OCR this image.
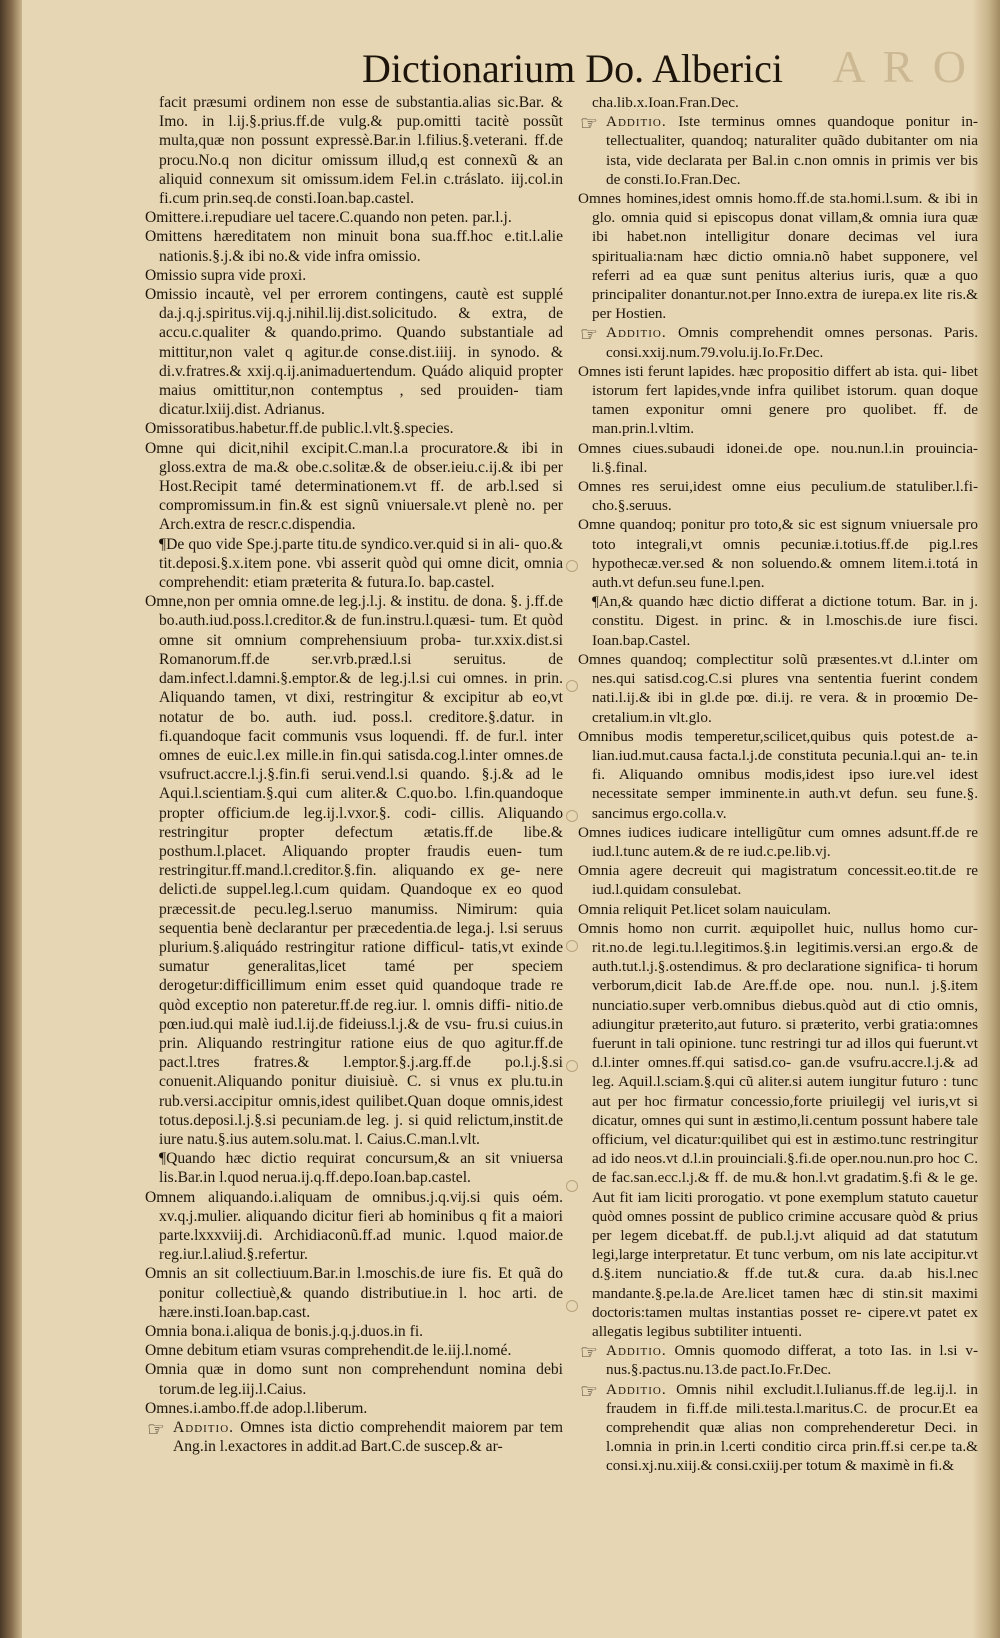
A R O
Dictionarium Do. Alberici

facit præsumi ordinem non esse de substantia.alias sic.Bar. & Imo. in l.ij.§.prius.ff.de vulg.& pup.omitti tacitè possũt multa,quæ non possunt expressè.Bar.in l.filius.§.veterani. ff.de procu.No.q non dicitur omissum illud,q est connexũ & an aliquid connexum sit omissum.idem Fel.in c.tráslato. iij.col.in fi.cum prin.seq.de consti.Ioan.bap.castel.

Omittere.i.repudiare uel tacere.C.quando non peten. par.l.j.

Omittens hæreditatem non minuit bona sua.ff.hoc e.tit.l.alie nationis.§.j.& ibi no.& vide infra omissio.

Omissio supra vide proxi.

Omissio incautè, vel per errorem contingens, cautè est supplé da.j.q.j.spiritus.vij.q.j.nihil.lij.dist.solicitudo. & extra, de accu.c.qualiter & quando.primo. Quando substantiale ad mittitur,non valet q agitur.de conse.dist.iiij. in synodo. & di.v.fratres.& xxij.q.ij.animaduertendum. Quádo aliquid propter maius omittitur,non contemptus , sed prouiden- tiam dicatur.lxiij.dist. Adrianus.

Omissoratibus.habetur.ff.de public.l.vlt.§.species.

Omne qui dicit,nihil excipit.C.man.l.a procuratore.& ibi in gloss.extra de ma.& obe.c.solitæ.& de obser.ieiu.c.ij.& ibi per Host.Recipit tamé determinationem.vt ff. de arb.l.sed si compromissum.in fin.& est signũ vniuersale.vt plenè no. per Arch.extra de rescr.c.dispendia.

¶De quo vide Spe.j.parte titu.de syndico.ver.quid si in ali- quo.& tit.deposi.§.x.item pone. vbi asserit quòd qui omne dicit, omnia comprehendit: etiam præterita & futura.Io. bap.castel.

Omne,non per omnia omne.de leg.j.l.j. & institu. de dona. §. j.ff.de bo.auth.iud.poss.l.creditor.& de fun.instru.l.quæsi- tum. Et quòd omne sit omnium comprehensiuum proba- tur.xxix.dist.si Romanorum.ff.de ser.vrb.præd.l.si seruitus. de dam.infect.l.damni.§.emptor.& de leg.j.l.si cui omnes. in prin. Aliquando tamen, vt dixi, restringitur & excipitur ab eo,vt notatur de bo. auth. iud. poss.l. creditore.§.datur. in fi.quandoque facit communis vsus loquendi. ff. de fur.l. inter omnes de euic.l.ex mille.in fin.qui satisda.cog.l.inter omnes.de vsufruct.accre.l.j.§.fin.fi serui.vend.l.si quando. §.j.& ad le Aqui.l.scientiam.§.qui cum aliter.& C.quo.bo. l.fin.quandoque propter officium.de leg.ij.l.vxor.§. codi- cillis. Aliquando restringitur propter defectum ætatis.ff.de libe.& posthum.l.placet. Aliquando propter fraudis euen- tum restringitur.ff.mand.l.creditor.§.fin. aliquando ex ge- nere delicti.de suppel.leg.l.cum quidam. Quandoque ex eo quod præcessit.de pecu.leg.l.seruo manumiss. Nimirum: quia sequentia benè declarantur per præcedentia.de lega.j. l.si seruus plurium.§.aliquádo restringitur ratione difficul- tatis,vt exinde sumatur generalitas,licet tamé per speciem derogetur:difficillimum enim esset quid quandoque trade re quòd exceptio non pateretur.ff.de reg.iur. l. omnis diffi- nitio.de pœn.iud.qui malè iud.l.ij.de fideiuss.l.j.& de vsu- fru.si cuius.in prin. Aliquando restringitur ratione eius de quo agitur.ff.de pact.l.tres fratres.& l.emptor.§.j.arg.ff.de po.l.j.§.si conuenit.Aliquando ponitur diuisiuè. C. si vnus ex plu.tu.in rub.versi.accipitur omnis,idest quilibet.Quan doque omnis,idest totus.deposi.l.j.§.si pecuniam.de leg. j. si quid relictum,instit.de iure natu.§.ius autem.solu.mat. l. Caius.C.man.l.vlt.

¶Quando hæc dictio requirat concursum,& an sit vniuersa lis.Bar.in l.quod nerua.ij.q.ff.depo.Ioan.bap.castel.

Omnem aliquando.i.aliquam de omnibus.j.q.vij.si quis oém. xv.q.j.mulier. aliquando dicitur fieri ab hominibus q fit a maiori parte.lxxxviij.di. Archidiaconũ.ff.ad munic. l.quod maior.de reg.iur.l.aliud.§.refertur.

Omnis an sit collectiuum.Bar.in l.moschis.de iure fis. Et quã do ponitur collectiuè,& quando distributiue.in l. hoc arti. de hære.insti.Ioan.bap.cast.

Omnia bona.i.aliqua de bonis.j.q.j.duos.in fi.

Omne debitum etiam vsuras comprehendit.de le.iij.l.nomé.

Omnia quæ in domo sunt non comprehendunt nomina debi torum.de leg.iij.l.Caius.

Omnes.i.ambo.ff.de adop.l.liberum.

☞ Additio. Omnes ista dictio comprehendit maiorem par tem Ang.in l.exactores in addit.ad Bart.C.de suscep.& ar-

cha.lib.x.Ioan.Fran.Dec.

☞ Additio. Iste terminus omnes quandoque ponitur in- tellectualiter, quandoq; naturaliter quãdo dubitanter om nia ista, vide declarata per Bal.in c.non omnis in primis ver bis de consti.Io.Fran.Dec.

Omnes homines,idest omnis homo.ff.de sta.homi.l.sum. & ibi in glo. omnia quid si episcopus donat villam,& omnia iura quæ ibi habet.non intelligitur donare decimas vel iura spiritualia:nam hæc dictio omnia.nõ habet supponere, vel referri ad ea quæ sunt penitus alterius iuris, quæ a quo principaliter donantur.not.per Inno.extra de iurepa.ex lite ris.& per Hostien.

☞ Additio. Omnis comprehendit omnes personas. Paris. consi.xxij.num.79.volu.ij.Io.Fr.Dec.

Omnes isti ferunt lapides. hæc propositio differt ab ista. qui- libet istorum fert lapides,vnde infra quilibet istorum. quan doque tamen exponitur omni genere pro quolibet. ff. de man.prin.l.vltim.

Omnes ciues.subaudi idonei.de ope. nou.nun.l.in prouincia- li.§.final.

Omnes res serui,idest omne eius peculium.de statuliber.l.fi- cho.§.seruus.

Omne quandoq; ponitur pro toto,& sic est signum vniuersale pro toto integrali,vt omnis pecuniæ.i.totius.ff.de pig.l.res hypothecæ.ver.sed & non soluendo.& omnem litem.i.totá in auth.vt defun.seu fune.l.pen.

¶An,& quando hæc dictio differat a dictione totum. Bar. in j. constitu. Digest. in princ. & in l.moschis.de iure fisci. Ioan.bap.Castel.

Omnes quandoq; complectitur solũ præsentes.vt d.l.inter om nes.qui satisd.cog.C.si plures vna sententia fuerint condem nati.l.ij.& ibi in gl.de pœ. di.ij. re vera. & in proœmio De- cretalium.in vlt.glo.

Omnibus modis temperetur,scilicet,quibus quis potest.de a- lian.iud.mut.causa facta.l.j.de constituta pecunia.l.qui an- te.in fi. Aliquando omnibus modis,idest ipso iure.vel idest necessitate semper imminente.in auth.vt defun. seu fune.§. sancimus ergo.colla.v.

Omnes iudices iudicare intelligũtur cum omnes adsunt.ff.de re iud.l.tunc autem.& de re iud.c.pe.lib.vj.

Omnia agere decreuit qui magistratum concessit.eo.tit.de re iud.l.quidam consulebat.

Omnia reliquit Pet.licet solam nauiculam.

Omnis homo non currit. æquipollet huic, nullus homo cur- rit.no.de legi.tu.l.legitimos.§.in legitimis.versi.an ergo.& de auth.tut.l.j.§.ostendimus. & pro declaratione significa- ti horum verborum,dicit Iab.de Are.ff.de ope. nou. nun.l. j.§.item nunciatio.super verb.omnibus diebus.quòd aut di ctio omnis, adiungitur præterito,aut futuro. si præterito, verbi gratia:omnes fuerunt in tali opinione. tunc restringi tur ad illos qui fuerunt.vt d.l.inter omnes.ff.qui satisd.co- gan.de vsufru.accre.l.j.& ad leg. Aquil.l.sciam.§.qui cũ aliter.si autem iungitur futuro : tunc aut per hoc firmatur concessio,forte priuilegij vel iuris,vt si dicatur, omnes qui sunt in æstimo,li.centum possunt habere tale officium, vel dicatur:quilibet qui est in æstimo.tunc restringitur ad ido neos.vt d.l.in prouinciali.§.fi.de oper.nou.nun.pro hoc C. de fac.san.ecc.l.j.& ff. de mu.& hon.l.vt gradatim.§.fi & le ge. Aut fit iam liciti prorogatio. vt pone exemplum statuto cauetur quòd omnes possint de publico crimine accusare quòd & prius per legem dicebat.ff. de pub.l.j.vt aliquid ad dat statutum legi,large interpretatur. Et tunc verbum, om nis late accipitur.vt d.§.item nunciatio.& ff.de tut.& cura. da.ab his.l.nec mandante.§.pe.la.de Are.licet tamen hæc di stin.sit maximi doctoris:tamen multas instantias posset re- cipere.vt patet ex allegatis legibus subtiliter intuenti.

☞ Additio. Omnis quomodo differat, a toto Ias. in l.si v- nus.§.pactus.nu.13.de pact.Io.Fr.Dec.

☞ Additio. Omnis nihil excludit.l.Iulianus.ff.de leg.ij.l. in fraudem in fi.ff.de mili.testa.l.maritus.C. de procur.Et ea comprehendit quæ alias non comprehenderetur Deci. in l.omnia in prin.in l.certi conditio circa prin.ff.si cer.pe ta.& consi.xj.nu.xiij.& consi.cxiij.per totum & maximè in fi.&
